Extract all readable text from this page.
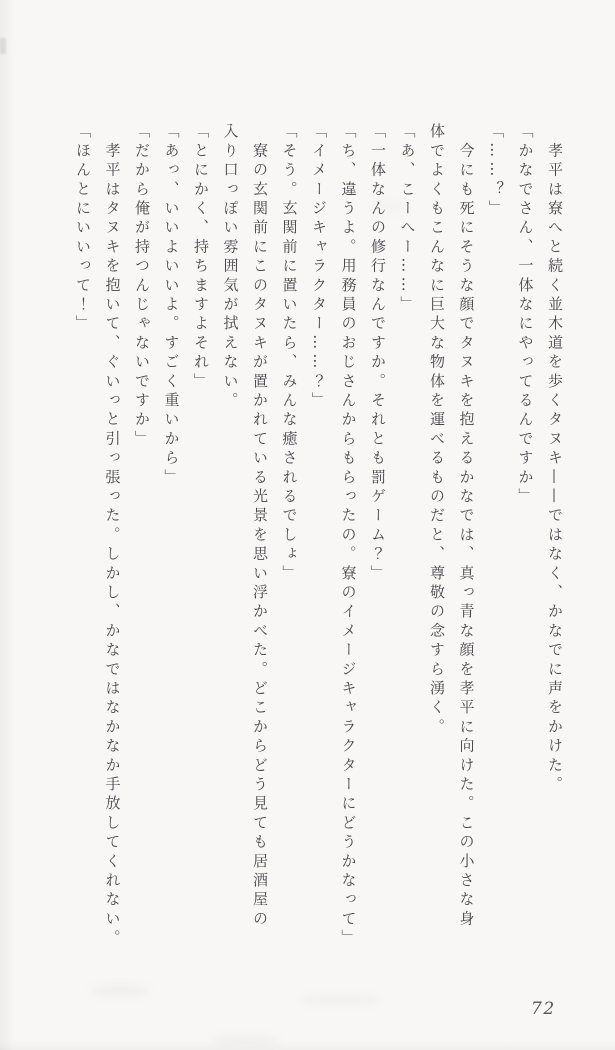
　孝平は寮へと続く並木道を歩くタヌキ——ではなく、かなでに声をかけた。

「かなでさん、一体なにやってるんですか」

「……？」

　今にも死にそうな顔でタヌキを抱えるかなでは、真っ青な顔を孝平に向けた。この小さな身

体でよくもこんなに巨大な物体を運べるものだと、尊敬の念すら湧く。

「あ、こーへー……」

「一体なんの修行なんですか。それとも罰ゲーム？」

「ち、違うよ。用務員のおじさんからもらったの。寮のイメージキャラクターにどうかなって」

「イメージキャラクター……？」

「そう。玄関前に置いたら、みんな癒されるでしょ」

　寮の玄関前にこのタヌキが置かれている光景を思い浮かべた。どこからどう見ても居酒屋の

入り口っぽい雰囲気が拭えない。

「とにかく、持ちますよそれ」

「あっ、いいよいいよ。すごく重いから」

「だから俺が持つんじゃないですか」

　孝平はタヌキを抱いて、ぐいっと引っ張った。しかし、かなではなかなか手放してくれない。

「ほんとにいいって！」

72
